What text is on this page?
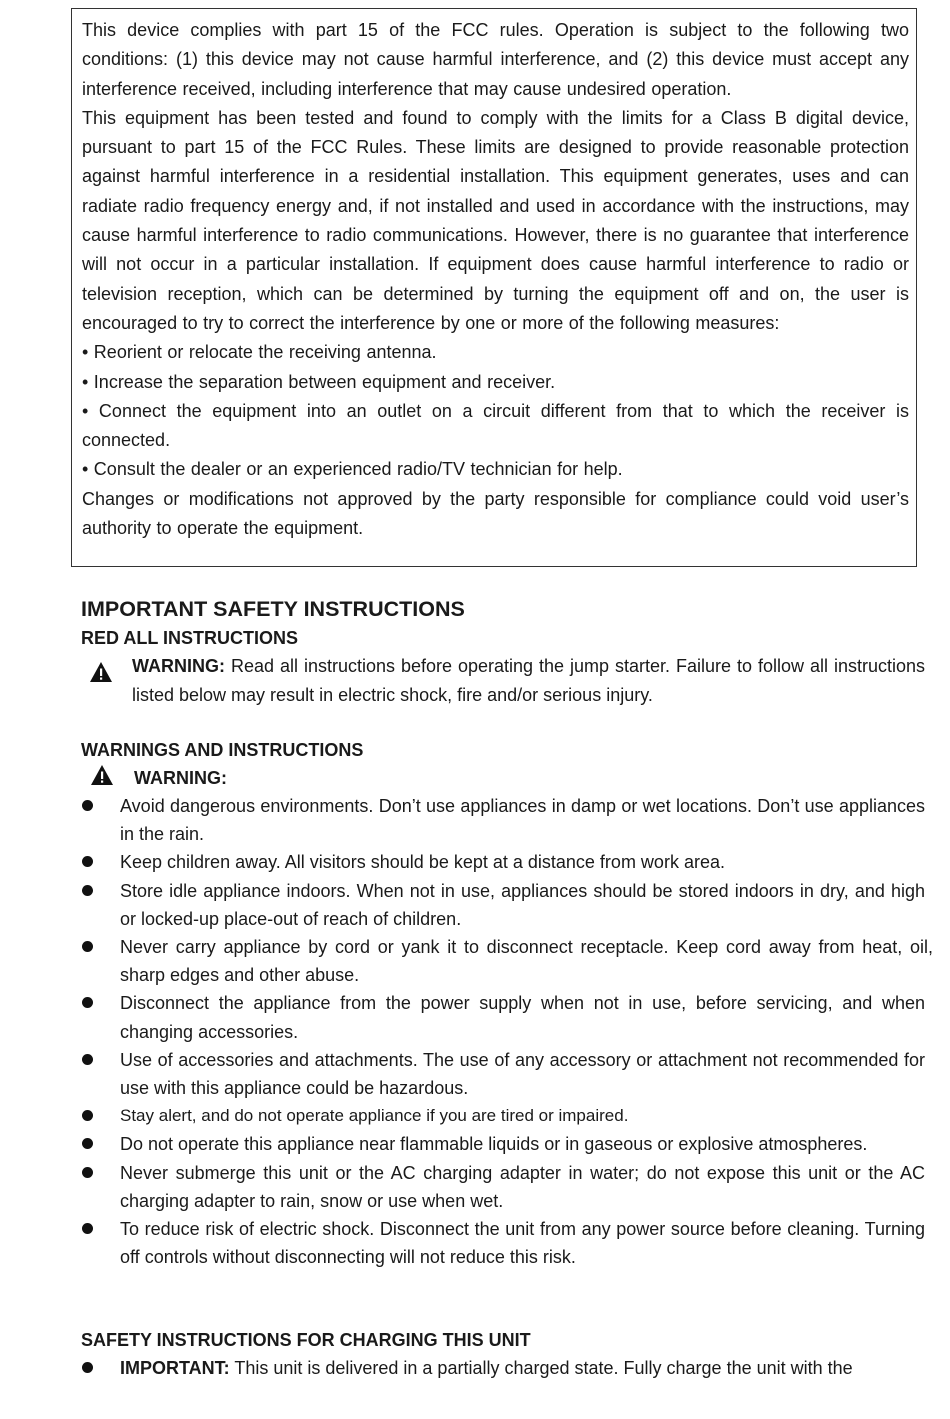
This device complies with part 15 of the FCC rules. Operation is subject to the following two conditions: (1) this device may not cause harmful interference, and (2) this device must accept any interference received, including interference that may cause undesired operation.

This equipment has been tested and found to comply with the limits for a Class B digital device, pursuant to part 15 of the FCC Rules. These limits are designed to provide reasonable protection against harmful interference in a residential installation. This equipment generates, uses and can radiate radio frequency energy and, if not installed and used in accordance with the instructions, may cause harmful interference to radio communications. However, there is no guarantee that interference will not occur in a particular installation. If equipment does cause harmful interference to radio or television reception, which can be determined by turning the equipment off and on, the user is encouraged to try to correct the interference by one or more of the following measures:

• Reorient or relocate the receiving antenna.

• Increase the separation between equipment and receiver.

• Connect the equipment into an outlet on a circuit different from that to which the receiver is connected.

• Consult the dealer or an experienced radio/TV technician for help.

Changes or modifications not approved by the party responsible for compliance could void user’s authority to operate the equipment.

IMPORTANT SAFETY INSTRUCTIONS
RED ALL INSTRUCTIONS

WARNING: Read all instructions before operating the jump starter. Failure to follow all instructions listed below may result in electric shock, fire and/or serious injury.

WARNINGS AND INSTRUCTIONS
WARNING:
Avoid dangerous environments. Don’t use appliances in damp or wet locations. Don’t use appliances in the rain.
Keep children away. All visitors should be kept at a distance from work area.
Store idle appliance indoors. When not in use, appliances should be stored indoors in dry, and high or locked-up place-out of reach of children.
Never carry appliance by cord or yank it to disconnect receptacle. Keep cord away from heat, oil, sharp edges and other abuse.
Disconnect the appliance from the power supply when not in use, before servicing, and when changing accessories.
Use of accessories and attachments. The use of any accessory or attachment not recommended for use with this appliance could be hazardous.
Stay alert, and do not operate appliance if you are tired or impaired.
Do not operate this appliance near flammable liquids or in gaseous or explosive atmospheres.
Never submerge this unit or the AC charging adapter in water; do not expose this unit or the AC charging adapter to rain, snow or use when wet.
To reduce risk of electric shock. Disconnect the unit from any power source before cleaning. Turning off controls without disconnecting will not reduce this risk.
SAFETY INSTRUCTIONS FOR CHARGING THIS UNIT
IMPORTANT: This unit is delivered in a partially charged state. Fully charge the unit with the
